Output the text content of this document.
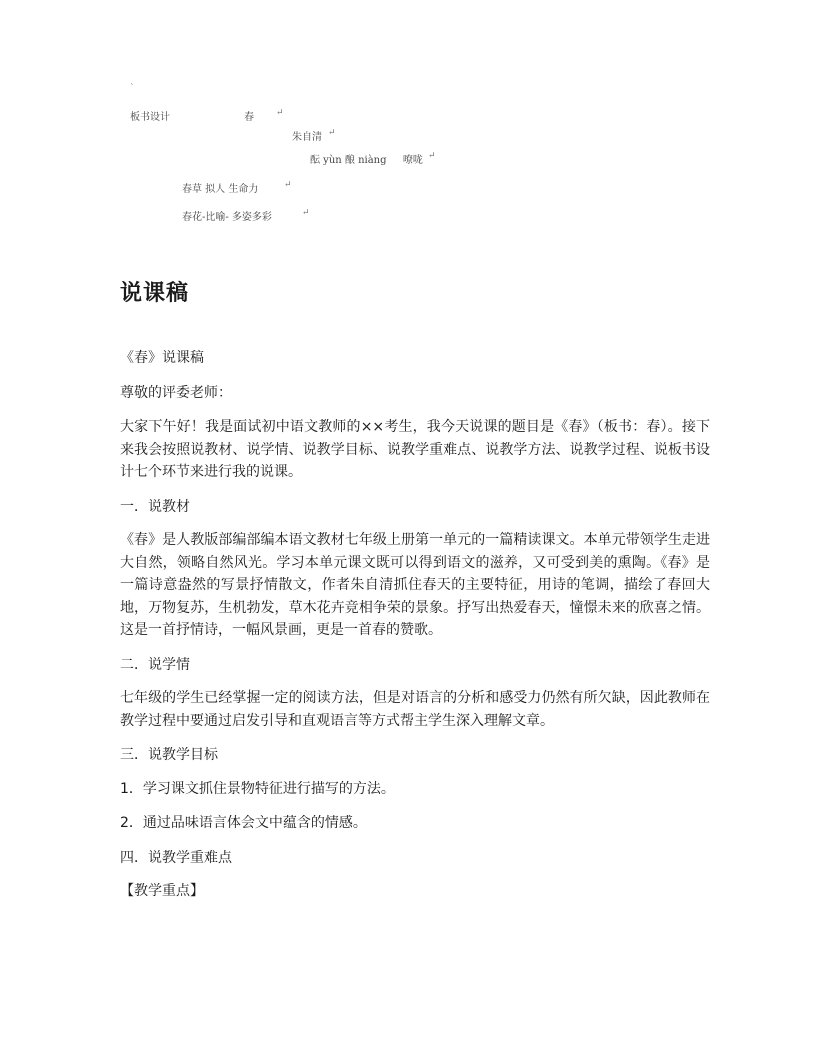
`
板书设计	春 ↵
朱自清 ↵
酝 yùn 酿 niàng 　 嘹咙 ↵
春草 拟人 生命力	↵
春花-比喻- 多姿多彩	↵
说课稿

《春》说课稿

尊敬的评委老师：

大家下午好！我是面试初中语文教师的××考生，我今天说课的题目是《春》（板书：春）。接下来我会按照说教材、说学情、说教学目标、说教学重难点、说教学方法、说教学过程、说板书设计七个环节来进行我的说课。

一．说教材

《春》是人教版部编部编本语文教材七年级上册第一单元的一篇精读课文。本单元带领学生走进大自然，领略自然风光。学习本单元课文既可以得到语文的滋养，又可受到美的熏陶。《春》是一篇诗意盎然的写景抒情散文，作者朱自清抓住春天的主要特征，用诗的笔调，描绘了春回大地，万物复苏，生机勃发，草木花卉竞相争荣的景象。抒写出热爱春天，憧憬未来的欣喜之情。这是一首抒情诗，一幅风景画，更是一首春的赞歌。

二．说学情

七年级的学生已经掌握一定的阅读方法，但是对语言的分析和感受力仍然有所欠缺，因此教师在教学过程中要通过启发引导和直观语言等方式帮主学生深入理解文章。

三．说教学目标

1．学习课文抓住景物特征进行描写的方法。

2．通过品味语言体会文中蕴含的情感。

四．说教学重难点

【教学重点】
